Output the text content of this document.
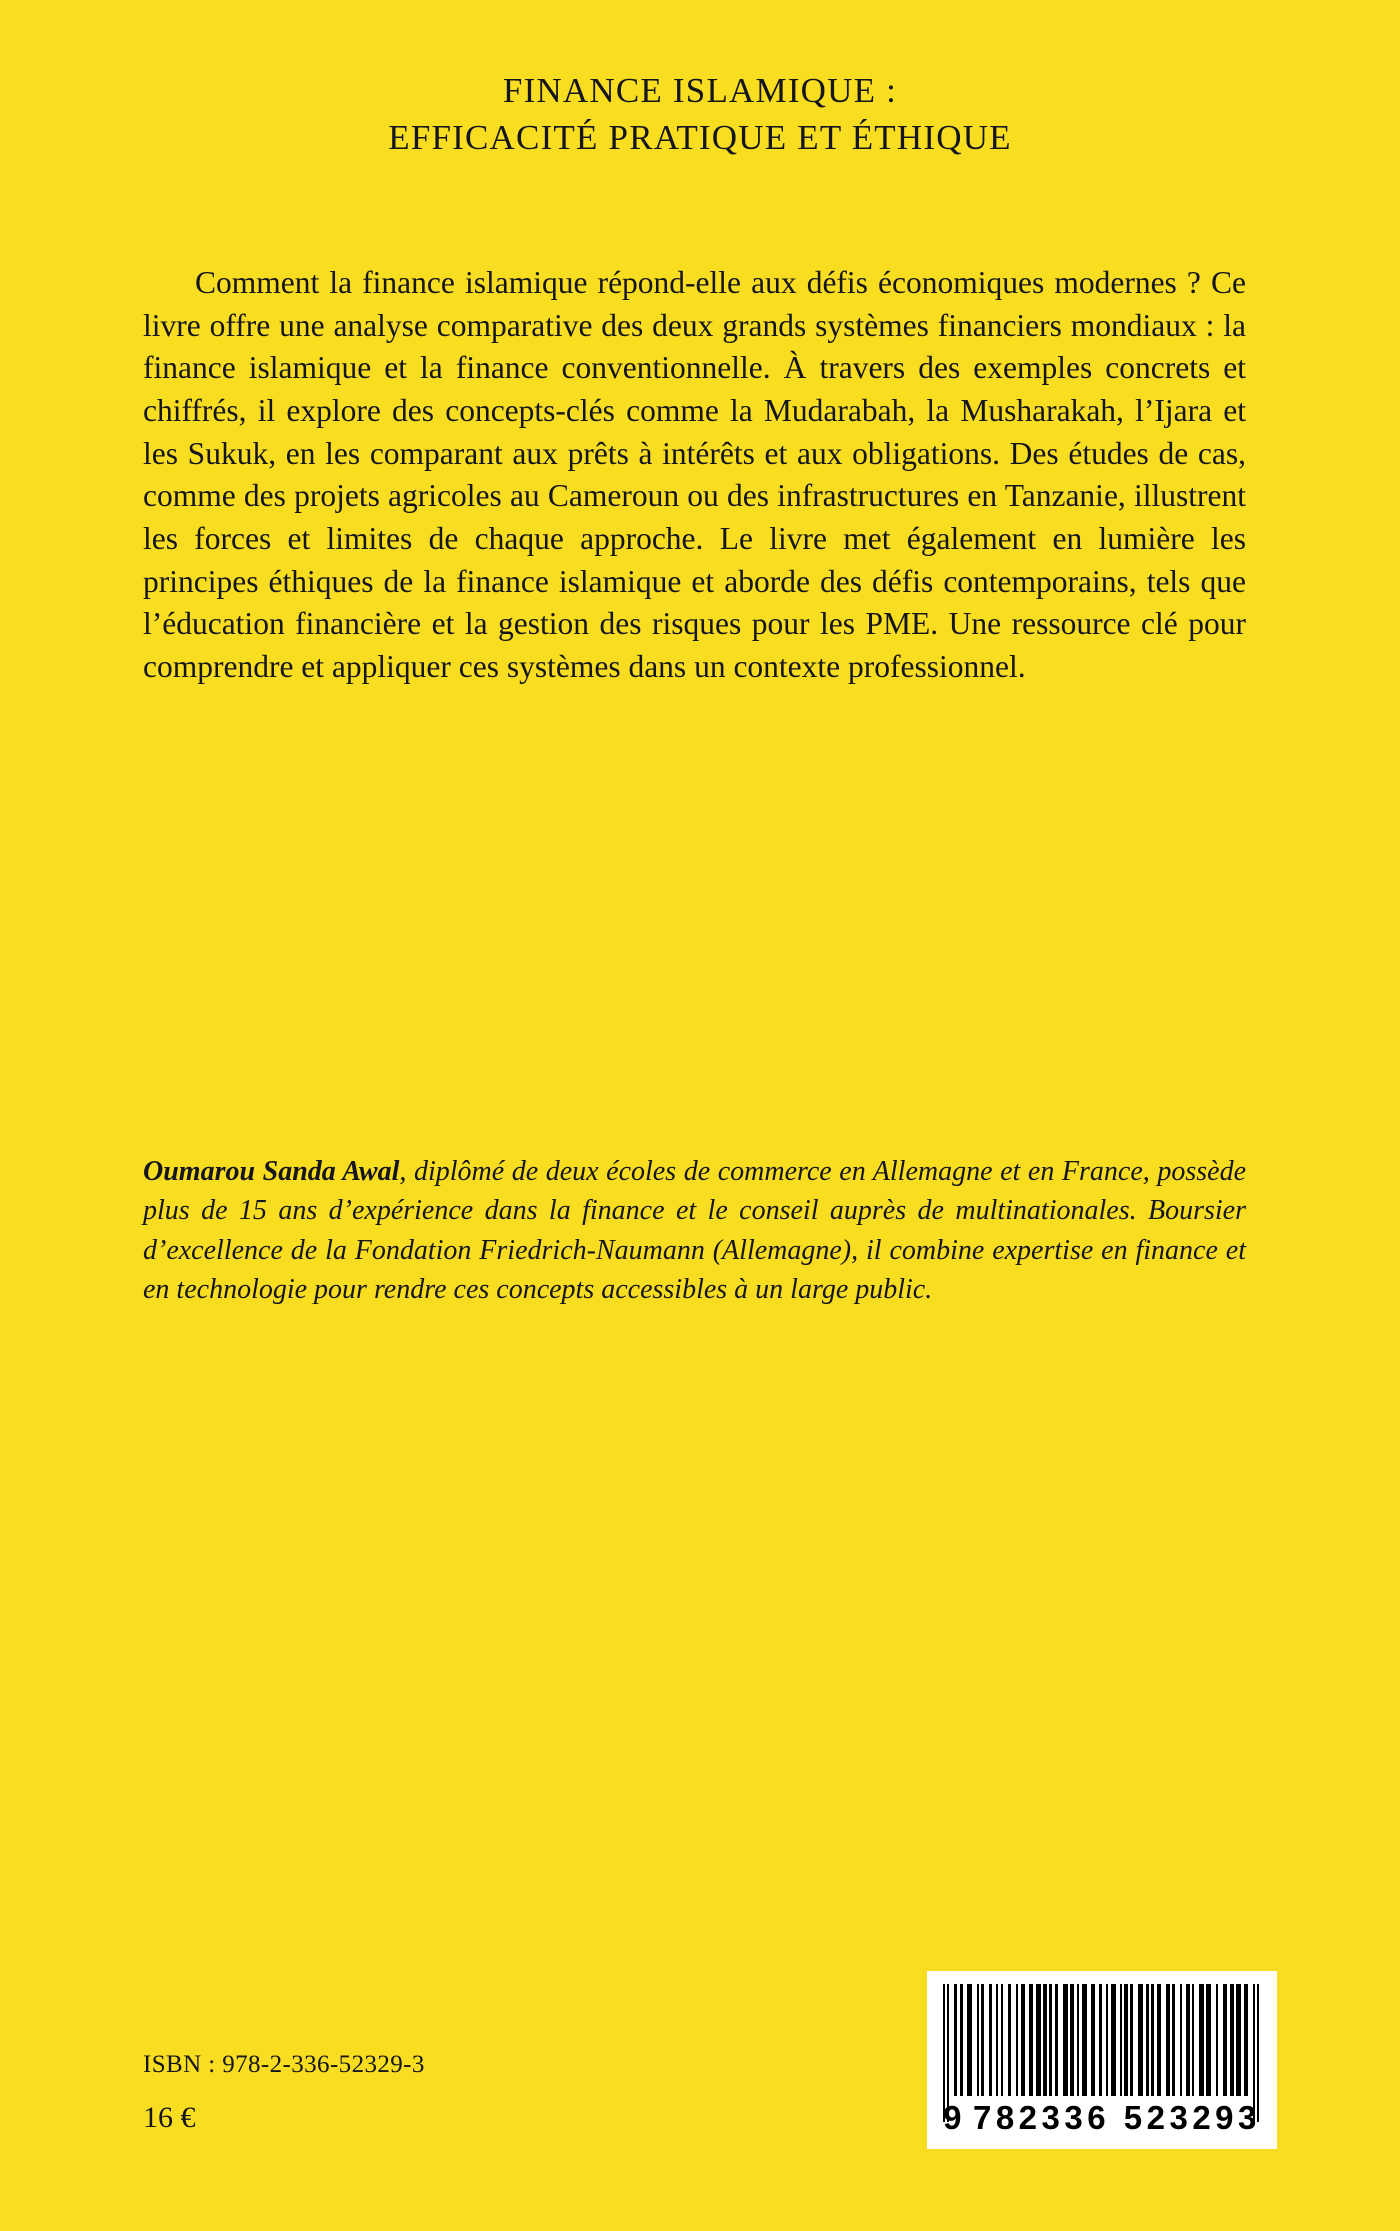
FINANCE ISLAMIQUE :
EFFICACITÉ PRATIQUE ET ÉTHIQUE

Comment la finance islamique répond-elle aux défis économiques modernes ? Ce livre offre une analyse comparative des deux grands systèmes financiers mondiaux : la finance islamique et la finance conventionnelle. À travers des exemples concrets et chiffrés, il explore des concepts-clés comme la Mudarabah, la Musharakah, l’Ijara et les Sukuk, en les comparant aux prêts à intérêts et aux obligations. Des études de cas, comme des projets agricoles au Cameroun ou des infrastructures en Tanzanie, illustrent les forces et limites de chaque approche. Le livre met également en lumière les principes éthiques de la finance islamique et aborde des défis contemporains, tels que l’éducation financière et la gestion des risques pour les PME. Une ressource clé pour comprendre et appliquer ces systèmes dans un contexte professionnel.

Oumarou Sanda Awal, diplômé de deux écoles de commerce en Allemagne et en France, possède plus de 15 ans d’expérience dans la finance et le conseil auprès de multinationales. Boursier d’excellence de la Fondation Friedrich-Naumann (Allemagne), il combine expertise en finance et en technologie pour rendre ces concepts accessibles à un large public.

ISBN : 978-2-336-52329-3
16 €	9 782336 523293
